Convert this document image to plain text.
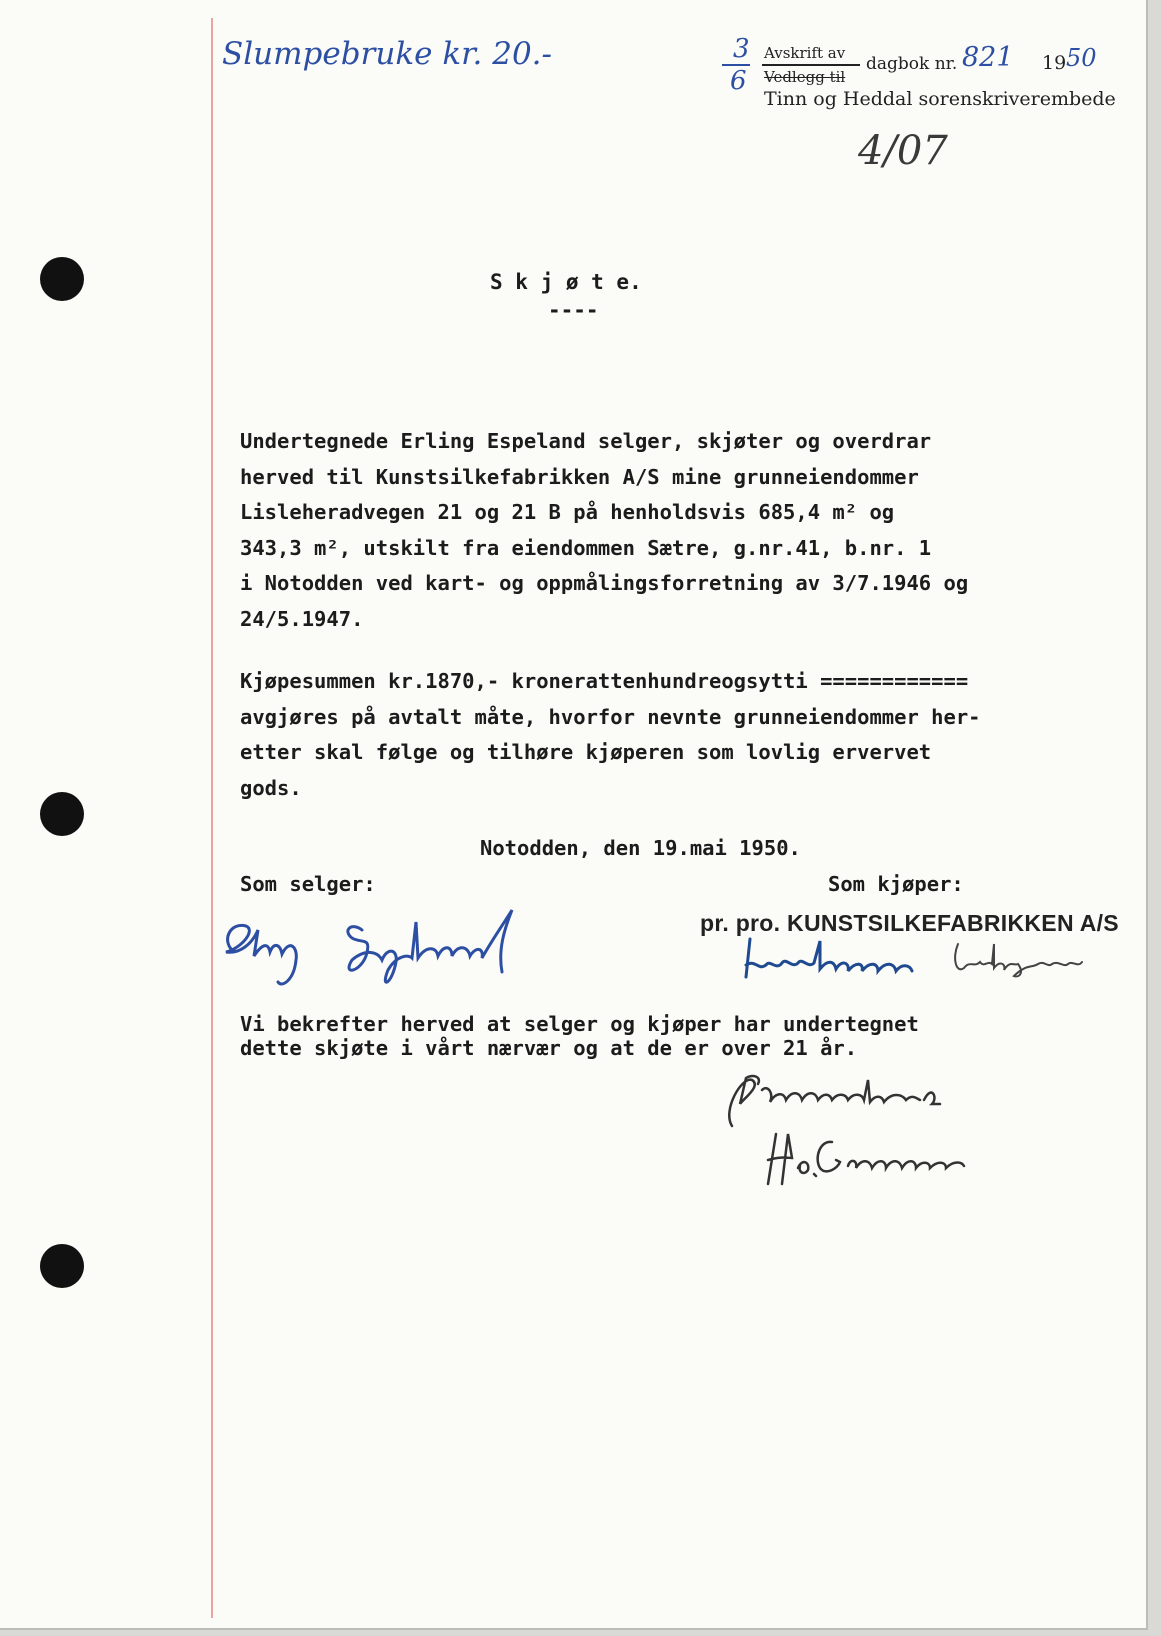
Slumpebruke kr. 20.-	3
6
Avskrift av
Vedlegg til
dagbok nr. 821 19 50
Tinn og Heddal sorenskriverembede
4/07
S k j ø t e.
----
Undertegnede Erling Espeland selger, skjøter og overdrar
herved til Kunstsilkefabrikken A/S mine grunneiendommer
Lisleheradvegen 21 og 21 B på henholdsvis 685,4 m² og
343,3 m², utskilt fra eiendommen Sætre, g.nr.41, b.nr. 1
i Notodden ved kart- og oppmålingsforretning av 3/7.1946 og
24/5.1947.
Kjøpesummen kr.1870,- kronerattenhundreogsytti ============
avgjøres på avtalt måte, hvorfor nevnte grunneiendommer her-
etter skal følge og tilhøre kjøperen som lovlig ervervet
gods.
Notodden, den 19.mai 1950.
Som selger:	Som kjøper:
pr. pro. KUNSTSILKEFABRIKKEN A/S
Vi bekrefter herved at selger og kjøper har undertegnet
dette skjøte i vårt nærvær og at de er over 21 år.
